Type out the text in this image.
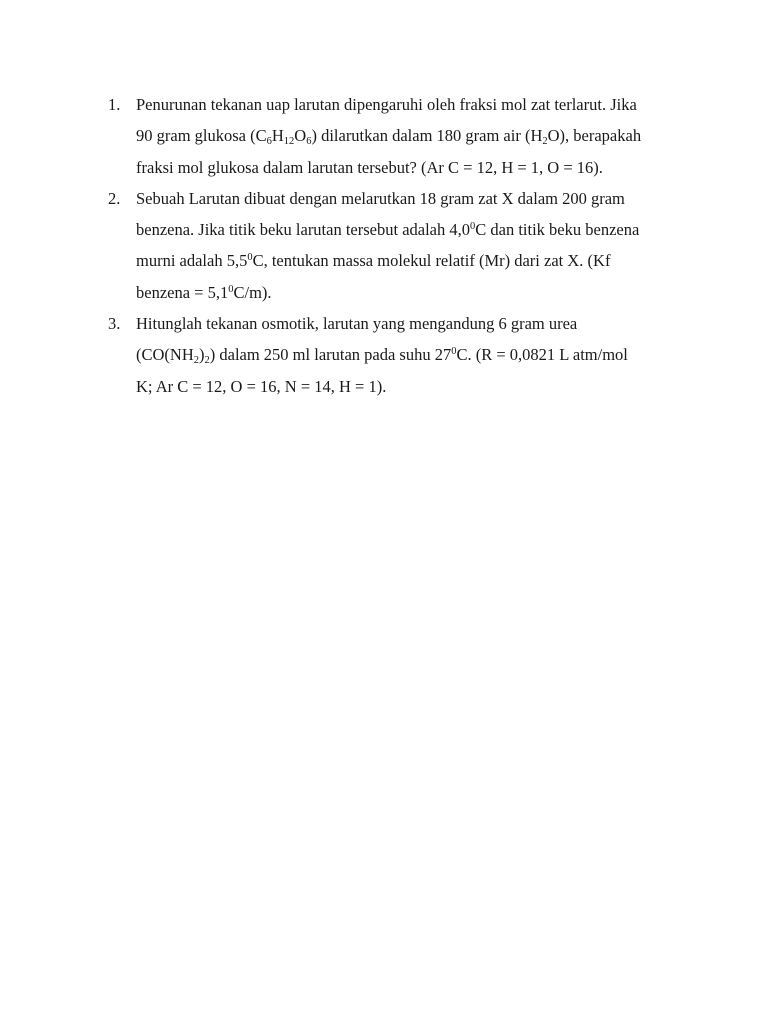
1. Penurunan tekanan uap larutan dipengaruhi oleh fraksi mol zat terlarut. Jika
90 gram glukosa $(C_6H_{12}O_6)$ dilarutkan dalam 180 gram air $(H_2O)$, berapakah
fraksi mol glukosa dalam larutan tersebut? (Ar C = 12, H = 1, O = 16).
2. Sebuah Larutan dibuat dengan melarutkan 18 gram zat X dalam 200 gram
benzena. Jika titik beku larutan tersebut adalah $4,0^0C$ dan titik beku benzena
murni adalah $5,5^0C$, tentukan massa molekul relatif (Mr) dari zat X. (Kf
benzena = $5,1^0C/m$).
3. Hitunglah tekanan osmotik, larutan yang mengandung 6 gram urea
$(CO(NH_2)_2)$ dalam 250 ml larutan pada suhu $27^0C$. (R = 0,0821 L atm/mol
K; Ar C = 12, O = 16, N = 14, H = 1).
